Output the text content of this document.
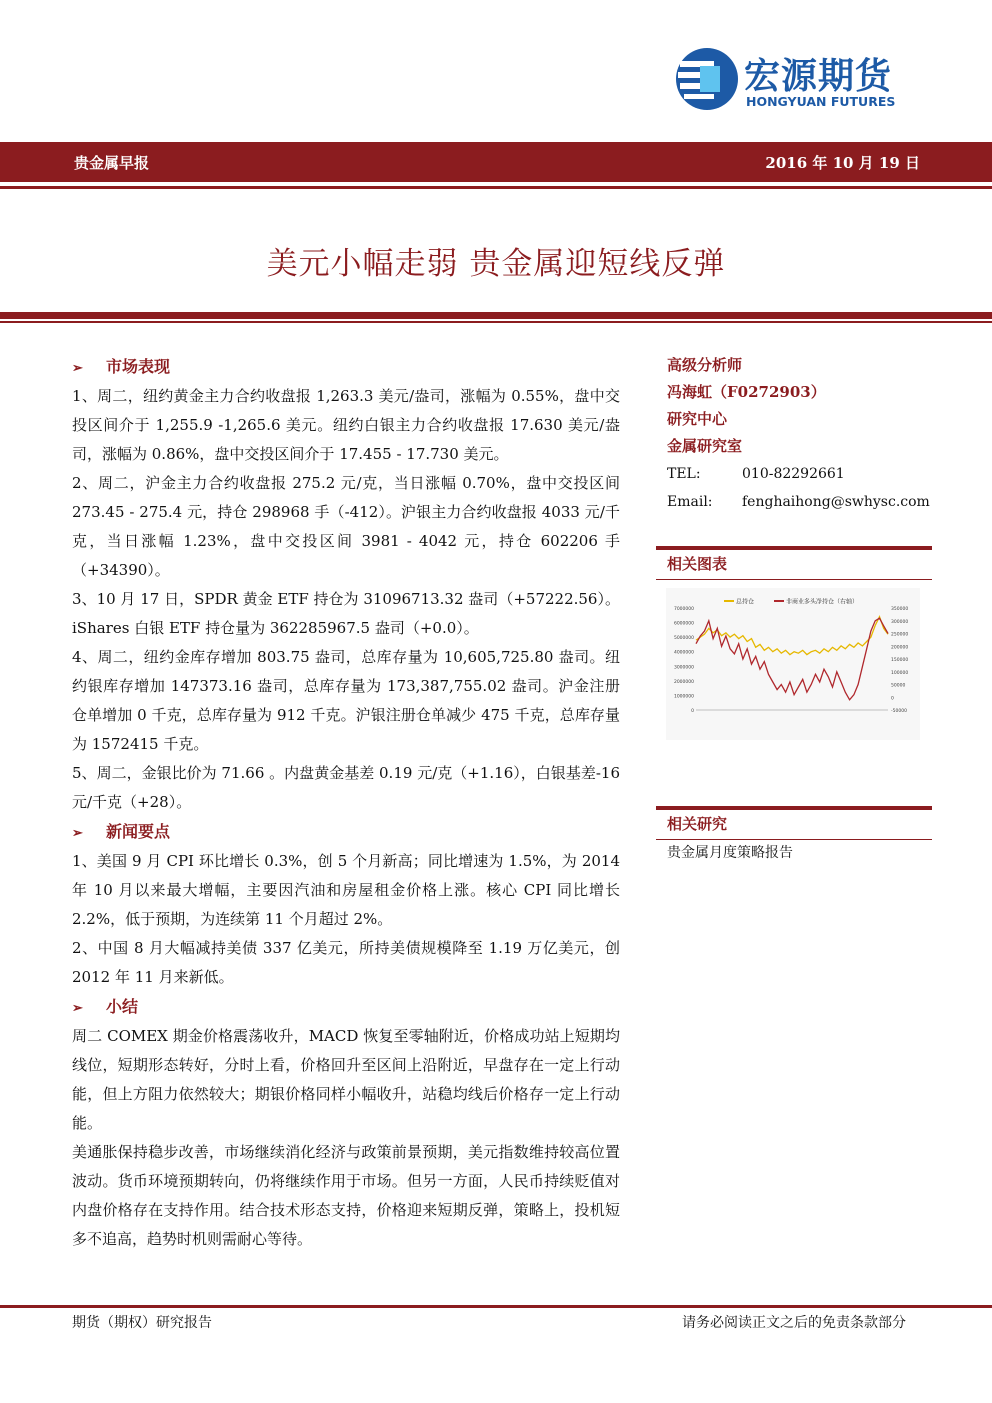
宏源期货
HONGYUAN FUTURES
贵金属早报	2016 年 10 月 19 日
美元小幅走弱 贵金属迎短线反弹
➢ 市场表现

1、周二，纽约黄金主力合约收盘报 1,263.3 美元/盎司，涨幅为 0.55%，盘中交投区间介于 1,255.9 -1,265.6 美元。纽约白银主力合约收盘报 17.630 美元/盎司，涨幅为 0.86%，盘中交投区间介于 17.455 - 17.730 美元。

2、周二，沪金主力合约收盘报 275.2 元/克，当日涨幅 0.70%，盘中交投区间 273.45 - 275.4 元，持仓 298968 手（-412）。沪银主力合约收盘报 4033 元/千克，当日涨幅 1.23%，盘中交投区间 3981 - 4042 元，持仓 602206 手（+34390）。

3、10 月 17 日，SPDR 黄金 ETF 持仓为 31096713.32 盎司（+57222.56）。iShares 白银 ETF 持仓量为 362285967.5 盎司（+0.0）。

4、周二，纽约金库存增加 803.75 盎司，总库存量为 10,605,725.80 盎司。纽约银库存增加 147373.16 盎司，总库存量为 173,387,755.02 盎司。沪金注册仓单增加 0 千克，总库存量为 912 千克。沪银注册仓单减少 475 千克，总库存量为 1572415 千克。

5、周二，金银比价为 71.66 。内盘黄金基差 0.19 元/克（+1.16），白银基差-16 元/千克（+28）。

➢ 新闻要点

1、美国 9 月 CPI 环比增长 0.3%，创 5 个月新高；同比增速为 1.5%，为 2014 年 10 月以来最大增幅，主要因汽油和房屋租金价格上涨。核心 CPI 同比增长 2.2%，低于预期，为连续第 11 个月超过 2%。

2、中国 8 月大幅减持美债 337 亿美元，所持美债规模降至 1.19 万亿美元，创 2012 年 11 月来新低。

➢ 小结

周二 COMEX 期金价格震荡收升，MACD 恢复至零轴附近，价格成功站上短期均线位，短期形态转好，分时上看，价格回升至区间上沿附近，早盘存在一定上行动能，但上方阻力依然较大；期银价格同样小幅收升，站稳均线后价格存一定上行动能。

美通胀保持稳步改善，市场继续消化经济与政策前景预期，美元指数维持较高位置波动。货币环境预期转向，仍将继续作用于市场。但另一方面，人民币持续贬值对内盘价格存在支持作用。结合技术形态支持，价格迎来短期反弹，策略上，投机短多不追高，趋势时机则需耐心等待。

高级分析师
冯海虹（F0272903）
研究中心
金属研究室
TEL:	010-82292661
Email: fenghaihong@swhysc.com
相关图表
总持仓	非商业多头净持仓（右轴）
7000000
6000000
5000000
4000000
3000000
2000000
1000000
0
350000
300000
250000
200000
150000
100000
50000
0
-50000
相关研究
贵金属月度策略报告
期货（期权）研究报告	请务必阅读正文之后的免责条款部分
